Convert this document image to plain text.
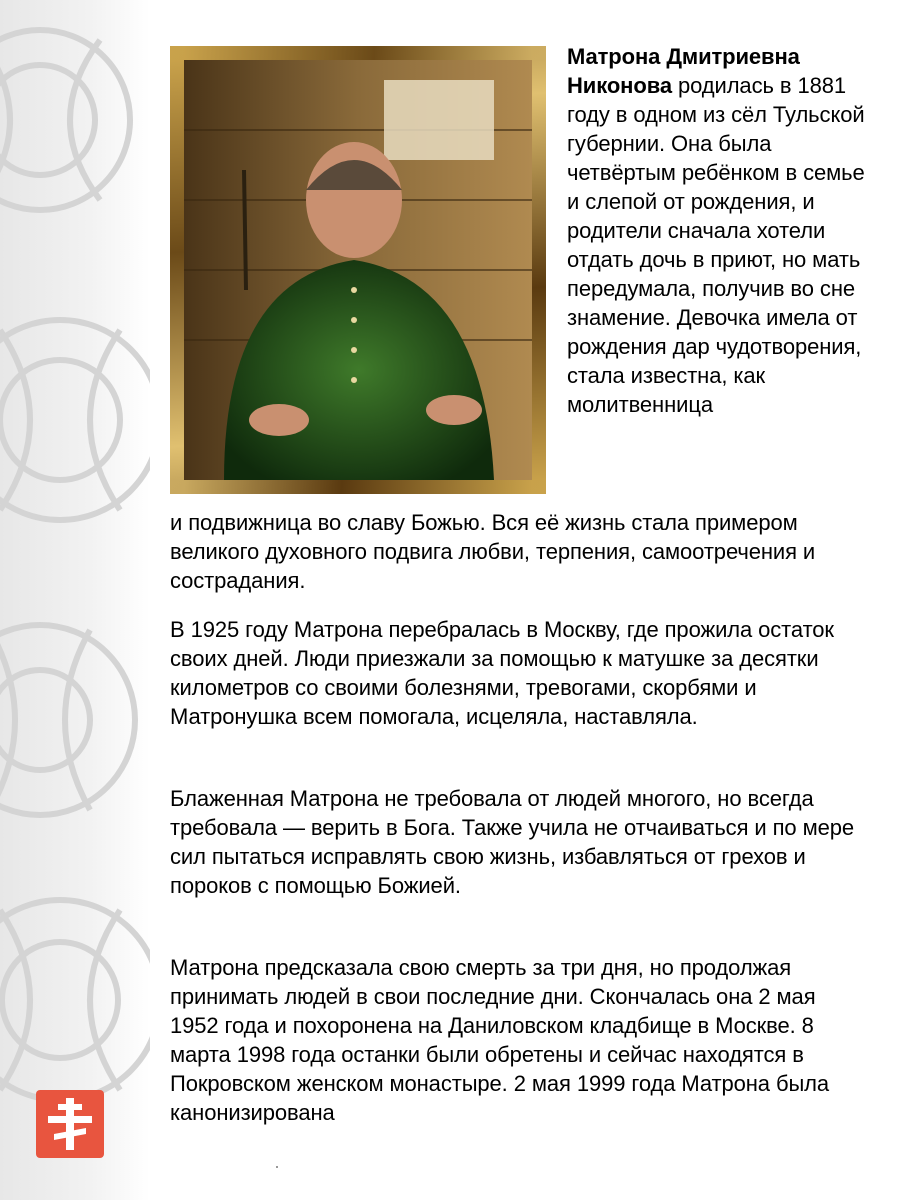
Матрона Дмитриевна Никонова родилась в 1881 году в одном из сёл Тульской губернии. Она была четвёртым ребёнком в семье и слепой от рождения, и родители сначала хотели отдать дочь в приют, но мать передумала, получив во сне знамение. Девочка имела от рождения дар чудотворения, стала известна, как молитвенница
и подвижница во славу Божью. Вся её жизнь стала примером великого духовного подвига любви, терпения, самоотречения и сострадания.
В 1925 году Матрона перебралась в Москву, где прожила остаток своих дней. Люди приезжали за помощью к матушке за десятки километров со своими болезнями, тревогами, скорбями и Матронушка всем помогала, исцеляла, наставляла.
Блаженная Матрона не требовала от людей многого, но всегда требовала — верить в Бога. Также учила не отчаиваться и по мере сил пытаться исправлять свою жизнь, избавляться от грехов и пороков с помощью Божией.
Матрона предсказала свою смерть за три дня, но продолжая принимать людей в свои последние дни. Скончалась она 2 мая 1952 года и похоронена на Даниловском кладбище в Москве. 8 марта 1998 года останки были обретены и сейчас находятся в Покровском женском монастыре. 2 мая 1999 года Матрона была канонизирована
